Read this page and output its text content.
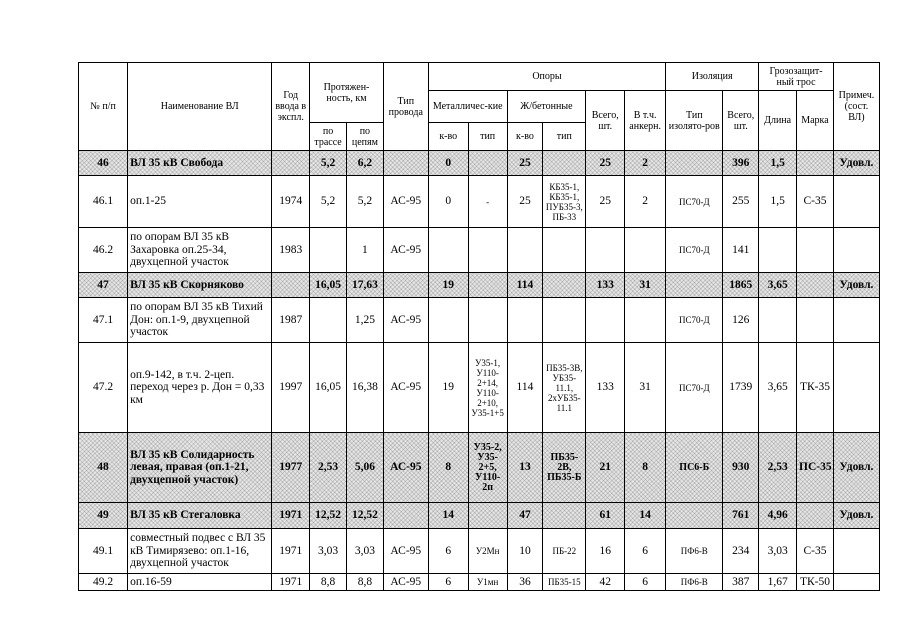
№ п/п	Наименование ВЛ	Год ввода в экспл.	Протяжен-ность, км		Тип провода	Опоры						Изоляция		Грозозащит-ный трос		Примеч. (сост. ВЛ)
						Металличес-кие		Ж/бетонные		Всего, шт.	В т.ч. анкерн.	Тип изолято-ров	Всего, шт.	Длина	Марка	
			по трассе	по цепям		к-во	тип	к-во	тип							
46	ВЛ 35 кВ Свобода		5,2	6,2		0		25		25	2		396	1,5		Удовл.
46.1	оп.1-25	1974	5,2	5,2	АС-95	0	-	25	КБ35-1, КБ35-1, ПУБ35-3, ПБ-33	25	2	ПС70-Д	255	1,5	С-35	
46.2	по опорам ВЛ 35 кВ Захаровка оп.25-34, двухцепной участок	1983		1	АС-95							ПС70-Д	141			
47	ВЛ 35 кВ Скорняково		16,05	17,63		19		114		133	31		1865	3,65		Удовл.
47.1	по опорам ВЛ 35 кВ Тихий Дон: оп.1-9, двухцепной участок	1987		1,25	АС-95							ПС70-Д	126			
47.2	оп.9-142, в т.ч. 2-цеп. переход через р. Дон = 0,33 км	1997	16,05	16,38	АС-95	19	У35-1, У110-2+14, У110-2+10, У35-1+5	114	ПБ35-3В, УБ35-11.1, 2хУБ35-11.1	133	31	ПС70-Д	1739	3,65	ТК-35	
48	ВЛ 35 кВ Солидарность левая, правая (оп.1-21, двухцепной участок)	1977	2,53	5,06	АС-95	8	У35-2, У35-2+5, У110-2п	13	ПБ35-2В, ПБ35-Б	21	8	ПС6-Б	930	2,53	ПС-35	Удовл.
49	ВЛ 35 кВ Стегаловка	1971	12,52	12,52		14		47		61	14		761	4,96		Удовл.
49.1	совместный подвес с ВЛ 35 кВ Тимирязево: оп.1-16, двухцепной участок	1971	3,03	3,03	АС-95	6	У2Мн	10	ПБ-22	16	6	ПФ6-В	234	3,03	С-35	
49.2	оп.16-59	1971	8,8	8,8	АС-95	6	У1мн	36	ПБ35-15	42	6	ПФ6-В	387	1,67	ТК-50	
